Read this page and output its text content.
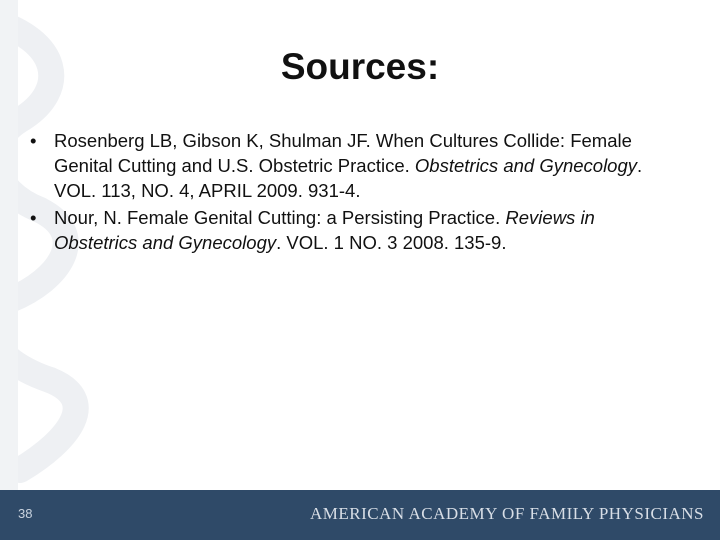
Sources:
• Rosenberg LB, Gibson K, Shulman JF. When Cultures Collide: Female Genital Cutting and U.S. Obstetric Practice. Obstetrics and Gynecology. VOL. 113, NO. 4, APRIL 2009. 931-4.
• Nour, N. Female Genital Cutting: a Persisting Practice. Reviews in Obstetrics and Gynecology. VOL. 1 NO. 3 2008. 135-9.
38	AMERICAN ACADEMY OF FAMILY PHYSICIANS
